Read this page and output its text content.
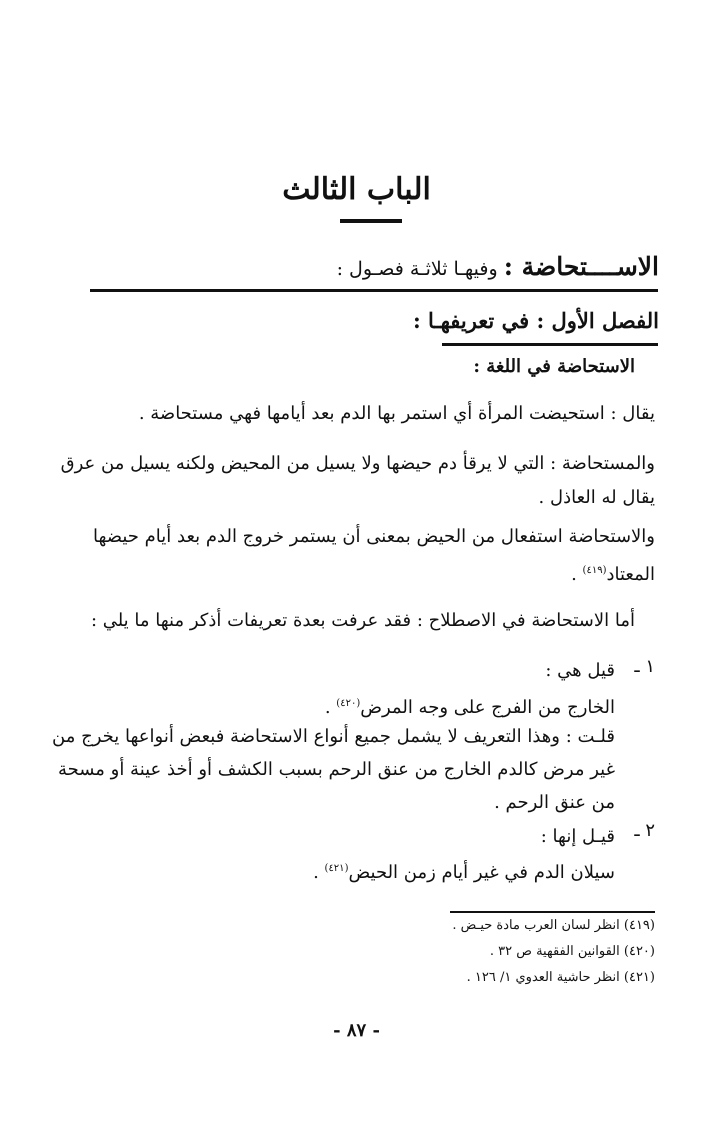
الباب الثالث
الاســــتحاضة : وفيهـا ثلاثـة فصـول :
الفصل الأول : في تعريفهـا :
الاستحاضة في اللغة :
يقال : استحيضت المرأة أي استمر بها الدم بعد أيامها فهي مستحاضة .
والمستحاضة : التي لا يرقأ دم حيضها ولا يسيل من المحيض ولكنه يسيل من عرق يقال له العاذل .
والاستحاضة استفعال من الحيض بمعنى أن يستمر خروج الدم بعد أيام حيضها المعتاد$^{(٤١٩)}$ .
أما الاستحاضة في الاصطلاح : فقد عرفت بعدة تعريفات أذكر منها ما يلي :
١ ـ
قيل هي :
الخارج من الفرج على وجه المرض$^{(٤٢٠)}$ .
قلـت : وهذا التعريف لا يشمل جميع أنواع الاستحاضة فبعض أنواعها يخرج من غير مرض كالدم الخارج من عنق الرحم بسبب الكشف أو أخذ عينة أو مسحة من عنق الرحم .
٢ ـ
قيـل إنها :
سيلان الدم في غير أيام زمن الحيض$^{(٤٢١)}$ .
(٤١٩) انظر لسان العرب مادة حيـض .
(٤٢٠) القوانين الفقهية ص ٣٢ .
(٤٢١) انظر حاشية العدوي ١/ ١٢٦ .
- ٨٧ -
